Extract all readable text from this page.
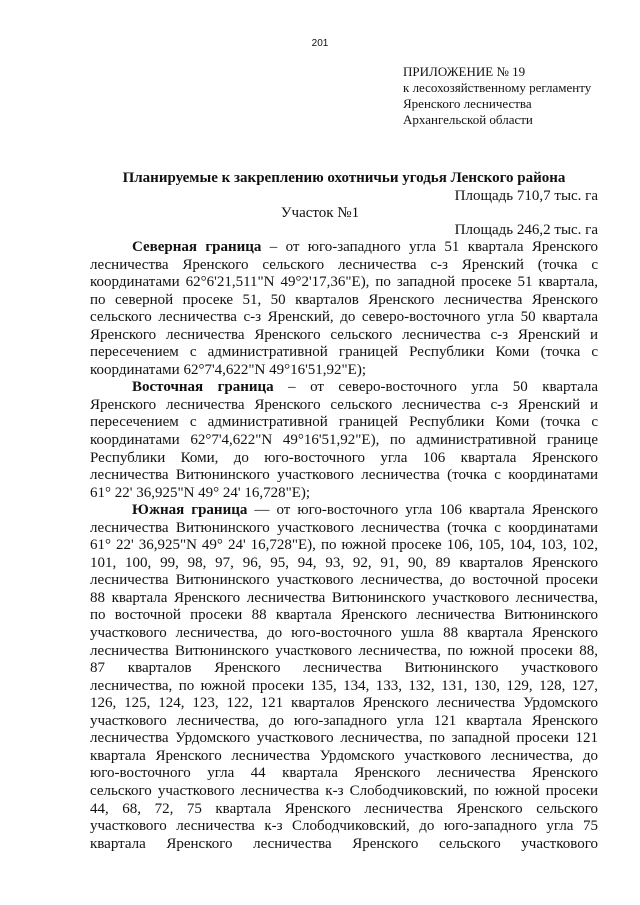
201
ПРИЛОЖЕНИЕ № 19
к лесохозяйственному регламенту
Яренского лесничества
Архангельской области
Планируемые к закреплению охотничьи угодья Ленского района
Площадь 710,7 тыс. га
Участок №1
Площадь 246,2 тыс. га
Северная граница – от юго-западного угла 51 квартала Яренского
лесничества Яренского сельского лесничества с-з Яренский (точка с
координатами 62°6'21,511"N 49°2'17,36"E), по западной просеке 51 квартала,
по северной просеке 51, 50 кварталов Яренского лесничества Яренского
сельского лесничества с-з Яренский, до северо-восточного угла 50 квартала
Яренского лесничества Яренского сельского лесничества с-з Яренский и
пересечением с административной границей Республики Коми (точка с
координатами 62°7'4,622"N 49°16'51,92"E);
Восточная граница – от северо-восточного угла 50 квартала
Яренского лесничества Яренского сельского лесничества с-з Яренский и
пересечением с административной границей Республики Коми (точка с
координатами 62°7'4,622"N 49°16'51,92"E), по административной границе
Республики Коми, до юго-восточного угла 106 квартала Яренского
лесничества Витюнинского участкового лесничества (точка с координатами
61° 22' 36,925"N 49° 24' 16,728"E);
Южная граница — от юго-восточного угла 106 квартала Яренского
лесничества Витюнинского участкового лесничества (точка с координатами
61° 22' 36,925"N 49° 24' 16,728"E), по южной просеке 106, 105, 104, 103, 102,
101, 100, 99, 98, 97, 96, 95, 94, 93, 92, 91, 90, 89 кварталов Яренского
лесничества Витюнинского участкового лесничества, до восточной просеки
88 квартала Яренского лесничества Витюнинского участкового лесничества,
по восточной просеки 88 квартала Яренского лесничества Витюнинского
участкового лесничества, до юго-восточного ушла 88 квартала Яренского
лесничества Витюнинского участкового лесничества, по южной просеки 88,
87 кварталов Яренского лесничества Витюнинского участкового
лесничества, по южной просеки 135, 134, 133, 132, 131, 130, 129, 128, 127,
126, 125, 124, 123, 122, 121 кварталов Яренского лесничества Урдомского
участкового лесничества, до юго-западного угла 121 квартала Яренского
лесничества Урдомского участкового лесничества, по западной просеки 121
квартала Яренского лесничества Урдомского участкового лесничества, до
юго-восточного угла 44 квартала Яренского лесничества Яренского
сельского участкового лесничества к-з Слободчиковский, по южной просеки
44, 68, 72, 75 квартала Яренского лесничества Яренского сельского
участкового лесничества к-з Слободчиковский, до юго-западного угла 75
квартала Яренского лесничества Яренского сельского участкового
